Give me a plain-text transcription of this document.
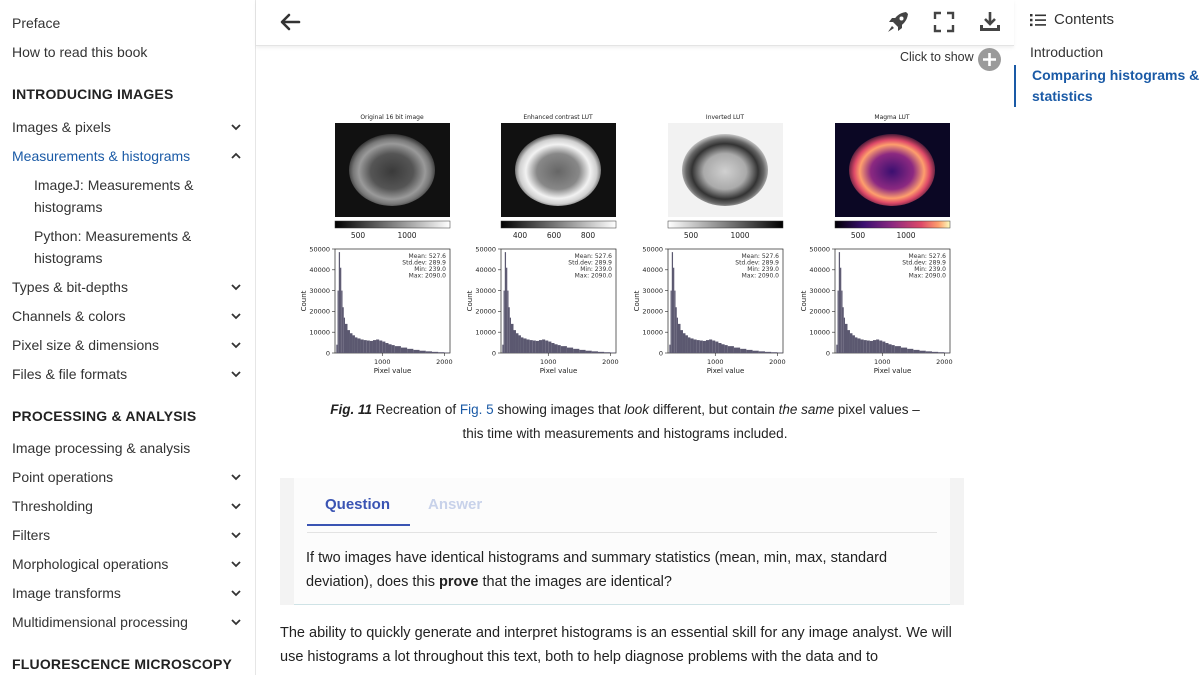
Preface
How to read this book
INTRODUCING IMAGES
Images & pixels
Measurements & histograms
ImageJ: Measurements & histograms
Python: Measurements & histograms
Types & bit-depths
Channels & colors
Pixel size & dimensions
Files & file formats
PROCESSING & ANALYSIS
Image processing & analysis
Point operations
Thresholding
Filters
Morphological operations
Image transforms
Multidimensional processing
FLUORESCENCE MICROSCOPY
Contents
Introduction
Comparing histograms & statistics
Click to show
Original 16 bit image
500	1000
Enhanced contrast LUT
400	600	800
Inverted LUT
500	1000
Magma LUT
500	1000
50000
40000
30000
20000
10000
0
1000	2000
Pixel value
Count
Mean: 527.6
Std.dev: 289.9
Min: 239.0
Max: 2090.0
50000
40000
30000
20000
10000
0
1000	2000
Pixel value
Count
Mean: 527.6
Std.dev: 289.9
Min: 239.0
Max: 2090.0
50000
40000
30000
20000
10000
0
1000	2000
Pixel value
Count
Mean: 527.6
Std.dev: 289.9
Min: 239.0
Max: 2090.0
50000
40000
30000
20000
10000
0
1000	2000
Pixel value
Count
Mean: 527.6
Std.dev: 289.9
Min: 239.0
Max: 2090.0

Fig. 11 Recreation of Fig. 5 showing images that look different, but contain the same pixel values – this time with measurements and histograms included.

Question	Answer

If two images have identical histograms and summary statistics (mean, min, max, standard deviation), does this prove that the images are identical?

The ability to quickly generate and interpret histograms is an essential skill for any image analyst. We will use histograms a lot throughout this text, both to help diagnose problems with the data and to
